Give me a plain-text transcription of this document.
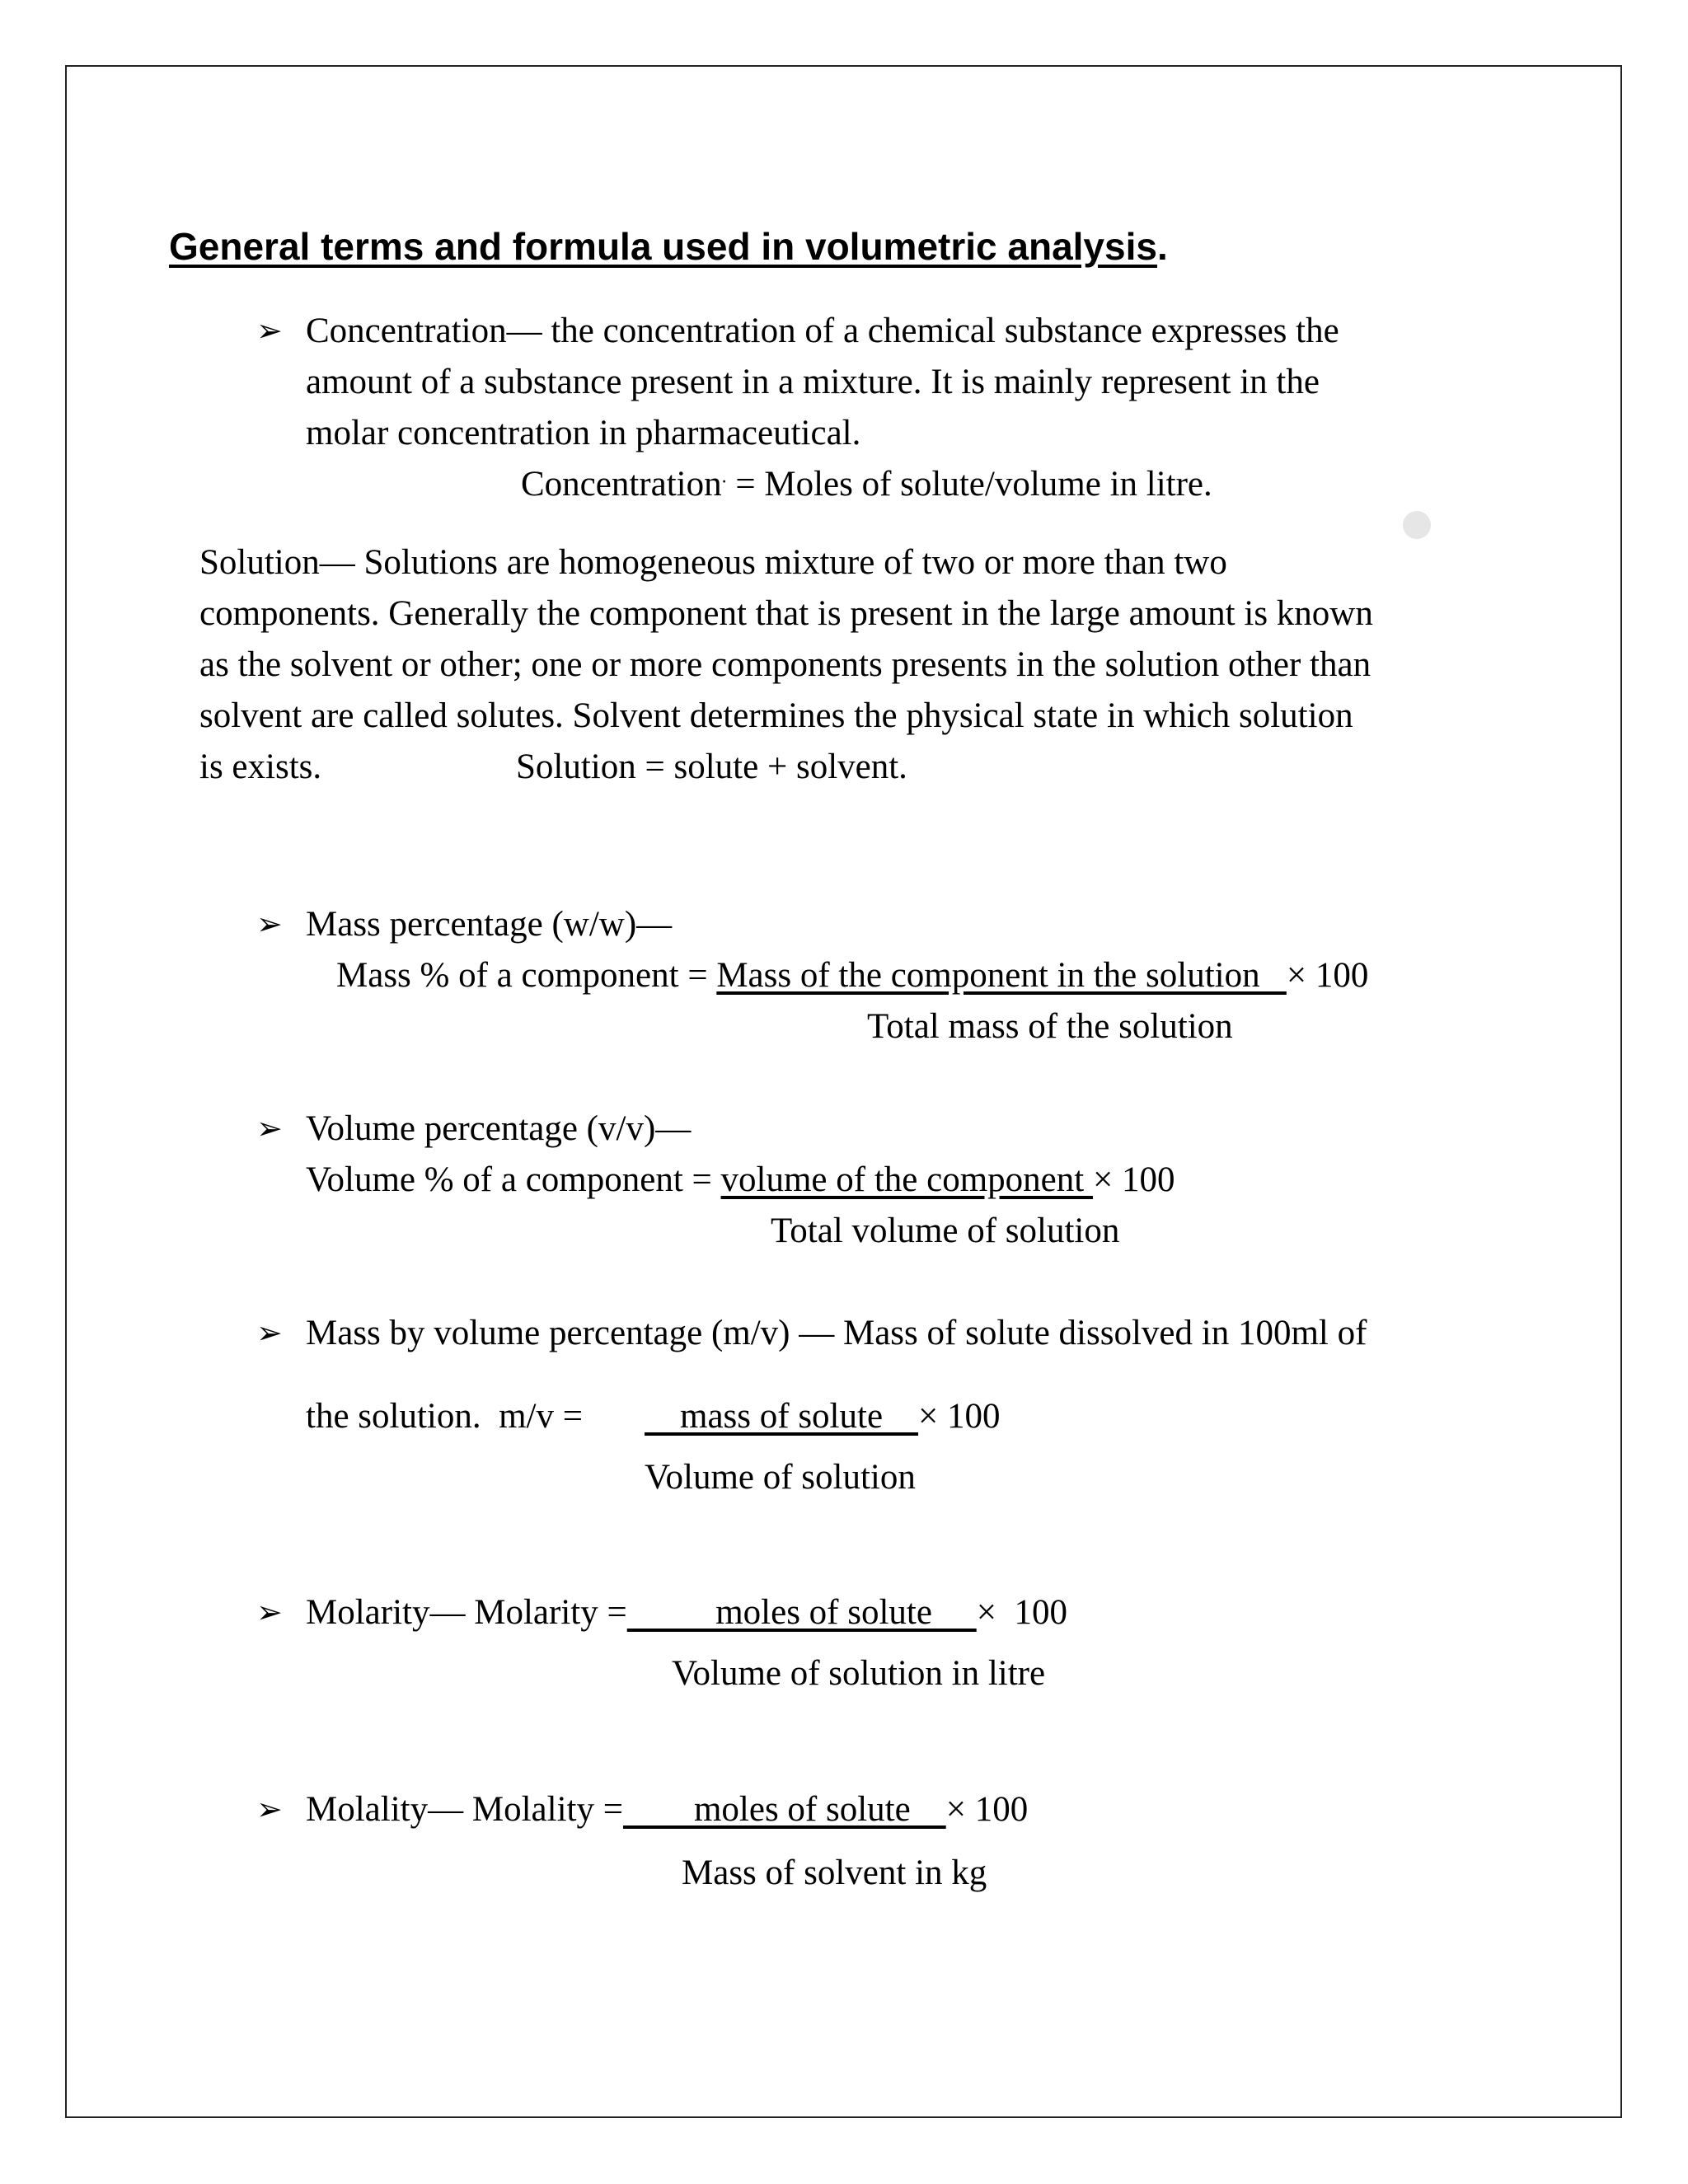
General terms and formula used in volumetric analysis.
➢ Concentration— the concentration of a chemical substance expresses the
amount of a substance present in a mixture. It is mainly represent in the
molar concentration in pharmaceutical.
Concentration. = Moles of solute/volume in litre.
Solution— Solutions are homogeneous mixture of two or more than two
components. Generally the component that is present in the large amount is known
as the solvent or other; one or more components presents in the solution other than
solvent are called solutes. Solvent determines the physical state in which solution
is exists.	Solution = solute + solvent.
➢ Mass percentage (w/w)—
Mass % of a component = Mass of the component in the solution   × 100
Total mass of the solution
➢ Volume percentage (v/v)—
Volume % of a component = volume of the component × 100
Total volume of solution
➢ Mass by volume percentage (m/v) — Mass of solute dissolved in 100ml of
the solution.  m/v = mass of solute    × 100
Volume of solution
➢ Molarity— Molarity =          moles of solute     ×  100
Volume of solution in litre
➢ Molality— Molality =        moles of solute    × 100
Mass of solvent in kg
